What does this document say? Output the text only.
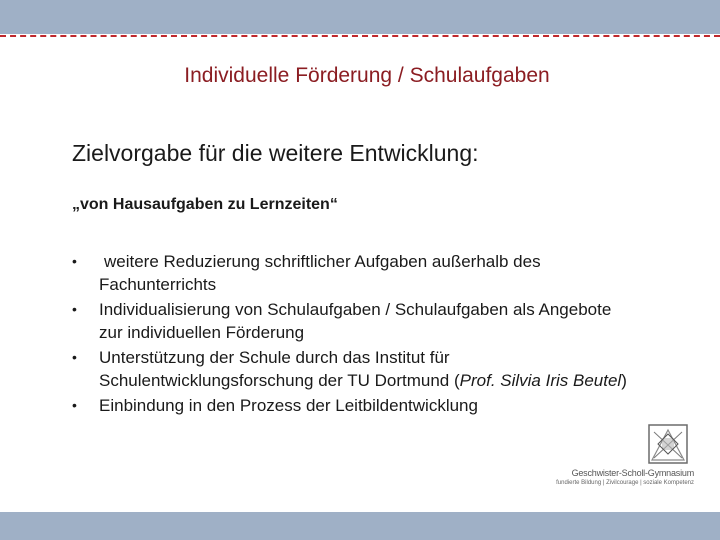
Individuelle Förderung / Schulaufgaben
Zielvorgabe für die weitere Entwicklung:

„von Hausaufgaben zu Lernzeiten“

• weitere Reduzierung schriftlicher Aufgaben außerhalb des Fachunterrichts
• Individualisierung von Schulaufgaben / Schulaufgaben als Angebote zur individuellen Förderung
• Unterstützung der Schule durch das Institut für Schulentwicklungsforschung der TU Dortmund (Prof. Silvia Iris Beutel)
• Einbindung in den Prozess der Leitbildentwicklung
Geschwister-Scholl-Gymnasium
fundierte Bildung | Zivilcourage | soziale Kompetenz
